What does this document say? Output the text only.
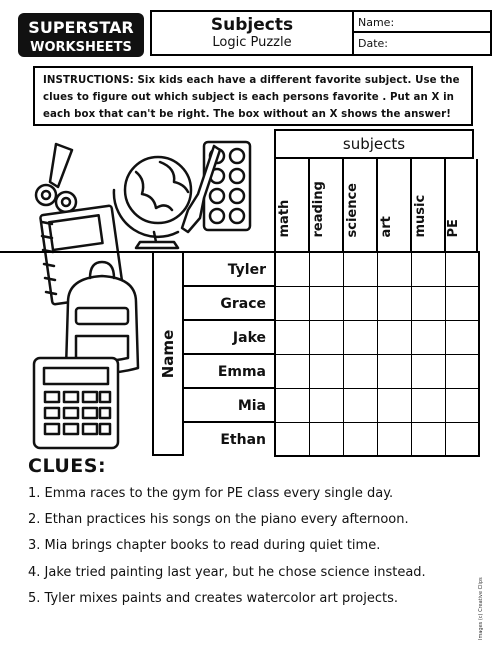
SUPERSTAR
WORKSHEETS
Subjects
Logic Puzzle
Name:
Date:
INSTRUCTIONS: Six kids each have a different favorite subject. Use the clues to figure out which subject is each persons favorite . Put an X in each box that can't be right. The box without an X shows the answer!
subjects
math reading science art music PE
Name
Tyler
Grace
Jake
Emma
Mia
Ethan
CLUES:
1. Emma races to the gym for PE class every single day.
2. Ethan practices his songs on the piano every afternoon.
3. Mia brings chapter books to read during quiet time.
4. Jake tried painting last year, but he chose science instead.
5. Tyler mixes paints and creates watercolor art projects.	Images (c) Creative Clips
